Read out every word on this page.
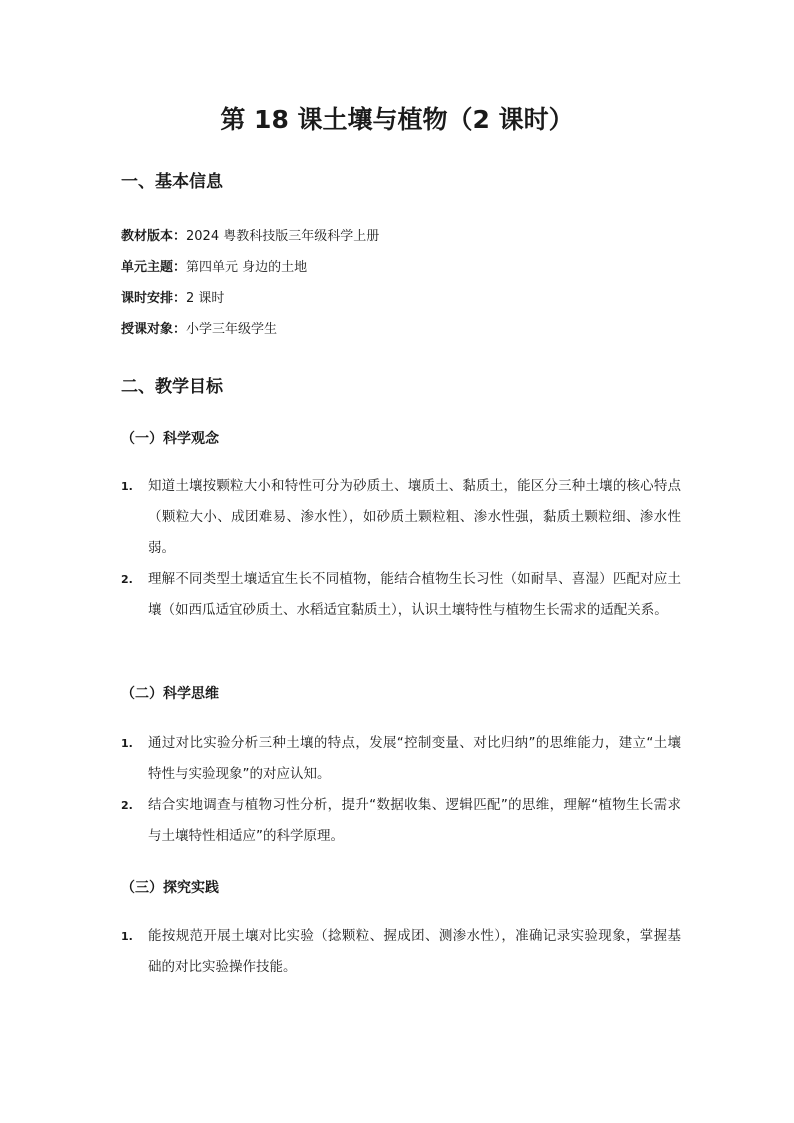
第 18 课土壤与植物（2 课时）
一、基本信息
教材版本：2024 粤教科技版三年级科学上册
单元主题：第四单元 身边的土地
课时安排：2 课时
授课对象：小学三年级学生
二、教学目标
（一）科学观念
1. 知道土壤按颗粒大小和特性可分为砂质土、壤质土、黏质土，能区分三种土壤的核心特点（颗粒大小、成团难易、渗水性），如砂质土颗粒粗、渗水性强，黏质土颗粒细、渗水性弱。
2. 理解不同类型土壤适宜生长不同植物，能结合植物生长习性（如耐旱、喜湿）匹配对应土壤（如西瓜适宜砂质土、水稻适宜黏质土），认识土壤特性与植物生长需求的适配关系。
（二）科学思维
1. 通过对比实验分析三种土壤的特点，发展“控制变量、对比归纳”的思维能力，建立“土壤特性与实验现象”的对应认知。
2. 结合实地调查与植物习性分析，提升“数据收集、逻辑匹配”的思维，理解“植物生长需求与土壤特性相适应”的科学原理。
（三）探究实践
1. 能按规范开展土壤对比实验（捻颗粒、握成团、测渗水性），准确记录实验现象，掌握基础的对比实验操作技能。
